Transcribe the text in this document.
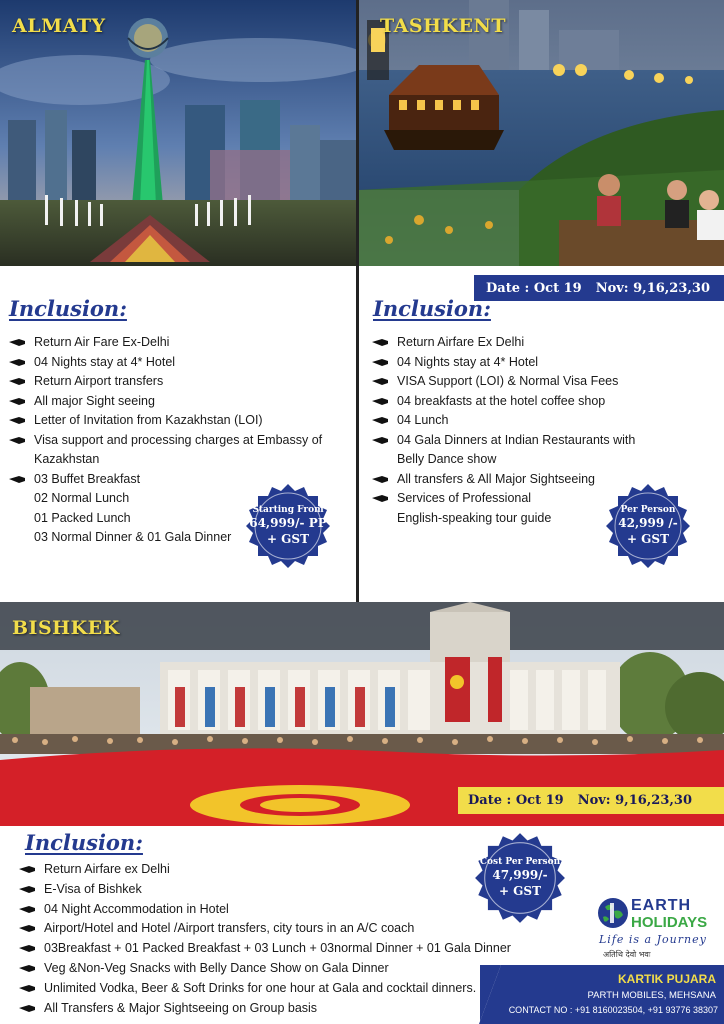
ALMATY	TASHKENT
Date : Oct 19 Nov: 9,16,23,30
Inclusion:
Return Air Fare Ex-Delhi
04 Nights stay at 4* Hotel
Return Airport transfers
All major Sight seeing
Letter of Invitation from Kazakhstan (LOI)
Visa support and processing charges at Embassy of
Kazakhstan
03 Buffet Breakfast
02 Normal Lunch
01 Packed Lunch
03 Normal Dinner & 01 Gala Dinner
Starting From
64,999/- PP
+ GST
Inclusion:
Return Airfare Ex Delhi
04 Nights stay at 4* Hotel
VISA Support (LOI) & Normal Visa Fees
04 breakfasts at the hotel coffee shop
04 Lunch
04 Gala Dinners at Indian Restaurants with
Belly Dance show
All transfers & All Major Sightseeing
Services of Professional
English-speaking tour guide
Per Person
42,999 /-
+ GST
BISHKEK
Date : Oct 19 Nov: 9,16,23,30
Inclusion:
Return Airfare ex Delhi
E-Visa of Bishkek
04 Night Accommodation in Hotel
Airport/Hotel and Hotel /Airport transfers, city tours in an A/C coach
03Breakfast + 01 Packed Breakfast + 03 Lunch + 03normal Dinner + 01 Gala Dinner
Veg &Non-Veg Snacks with Belly Dance Show on Gala Dinner
Unlimited Vodka, Beer & Soft Drinks for one hour at Gala and cocktail dinners.
All Transfers & Major Sightseeing on Group basis
Cost Per Person
47,999/-
+ GST
EARTH
HOLIDAYS
Life is a Journey
अतिथि देवो भवः
KARTIK PUJARA
PARTH MOBILES, MEHSANA
CONTACT NO : +91 8160023504, +91 93776 38307
